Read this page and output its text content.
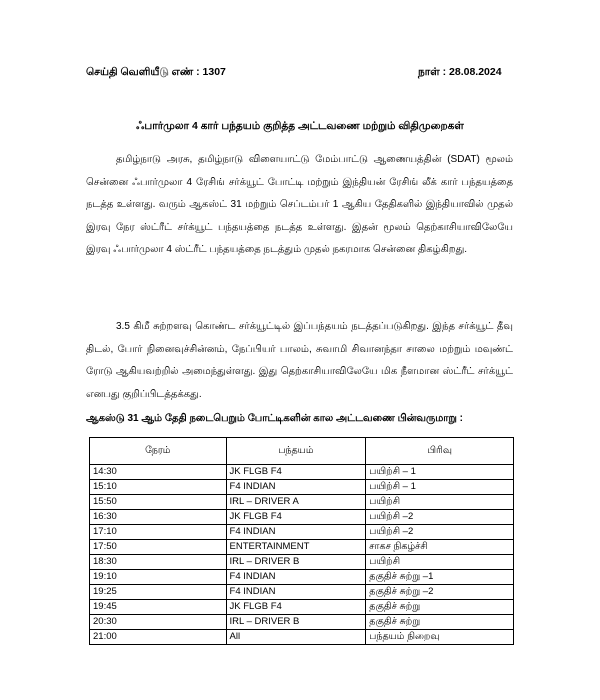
செய்தி வெளியீடு எண் : 1307	நாள் : 28.08.2024
ஃபார்முலா 4 கார் பந்தயம் குறித்த அட்டவணை மற்றும் விதிமுறைகள்
தமிழ்நாடு அரசு, தமிழ்நாடு விளையாட்டு மேம்பாட்டு ஆணையத்தின் (SDAT) மூலம் சென்னை ஃபார்முலா 4 ரேசிங் சர்க்யூட் போட்டி மற்றும் இந்தியன் ரேசிங் லீக் கார் பந்தயத்தை நடத்த உள்ளது. வரும் ஆகஸ்ட் 31 மற்றும் செப்டம்பர் 1 ஆகிய தேதிகளில் இந்தியாவில் முதல் இரவு நேர ஸ்ட்ரீட் சர்க்யூட் பந்தயத்தை நடத்த உள்ளது. இதன் மூலம் தெற்காசியாவிலேயே இரவு ஃபார்முலா 4 ஸ்ட்ரீட் பந்தயத்தை நடத்தும் முதல் நகரமாக சென்னை திகழ்கிறது.
3.5 கிமீ சுற்றளவு கொண்ட சர்க்யூட்டில் இப்பந்தயம் நடத்தப்படுகிறது. இந்த சர்க்யூட் தீவு திடல், போர் நினைவுச்சின்னம், நேப்பியர் பாலம், சுவாமி சிவானந்தா சாலை மற்றும் மவுண்ட் ரோடு ஆகியவற்றில் அமைந்துள்ளது. இது தெற்காசியாவிலேயே மிக நீளமான ஸ்ட்ரீட் சர்க்யூட் எனபது குறிப்பிடத்தக்கது.
ஆகஸ்டு 31 ஆம் தேதி நடைபெறும் போட்டிகளின் கால அட்டவணை பின்வருமாறு :
நேரம்	பந்தயம்	பிரிவு
14:30	JK FLGB F4	பயிற்சி – 1
15:10	F4 INDIAN	பயிற்சி – 1
15:50	IRL – DRIVER A	பயிற்சி
16:30	JK FLGB F4	பயிற்சி –2
17:10	F4 INDIAN	பயிற்சி –2
17:50	ENTERTAINMENT	சாகச நிகழ்ச்சி
18:30	IRL – DRIVER B	பயிற்சி
19:10	F4 INDIAN	தகுதிச் சுற்று –1
19:25	F4 INDIAN	தகுதிச் சுற்று –2
19:45	JK FLGB F4	தகுதிச் சுற்று
20:30	IRL – DRIVER B	தகுதிச் சுற்று
21:00	All	பந்தயம் நிறைவு
